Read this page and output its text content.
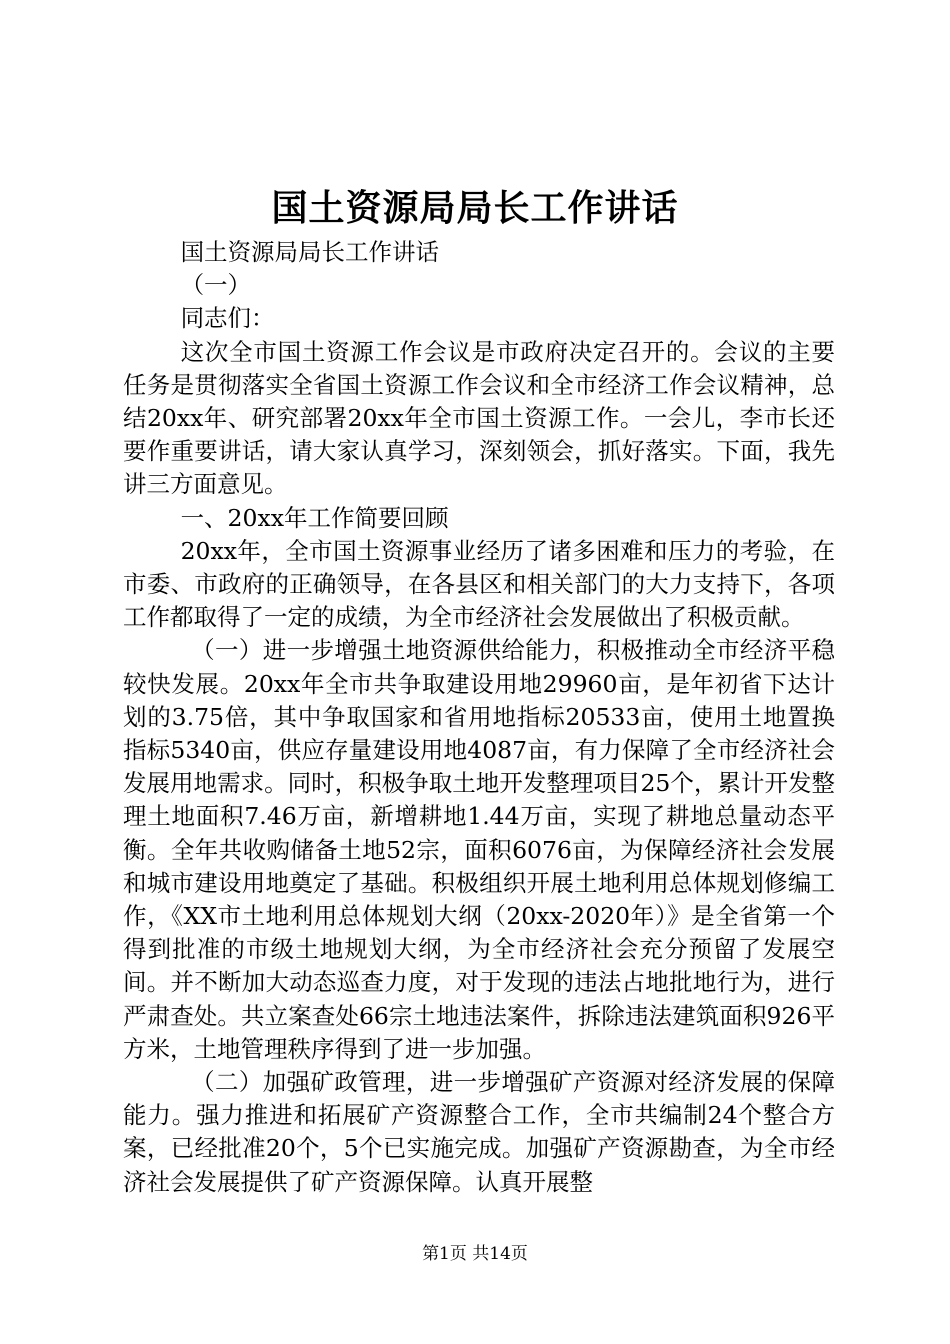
国土资源局局长工作讲话

国土资源局局长工作讲话

（一）

同志们：

这次全市国土资源工作会议是市政府决定召开的。会议的主要任务是贯彻落实全省国土资源工作会议和全市经济工作会议精神，总结20xx年、研究部署20xx年全市国土资源工作。一会儿，李市长还要作重要讲话，请大家认真学习，深刻领会，抓好落实。下面，我先讲三方面意见。

一、20xx年工作简要回顾

20xx年，全市国土资源事业经历了诸多困难和压力的考验，在市委、市政府的正确领导，在各县区和相关部门的大力支持下，各项工作都取得了一定的成绩，为全市经济社会发展做出了积极贡献。

（一）进一步增强土地资源供给能力，积极推动全市经济平稳较快发展。20xx年全市共争取建设用地29960亩，是年初省下达计划的3.75倍，其中争取国家和省用地指标20533亩，使用土地置换指标5340亩，供应存量建设用地4087亩，有力保障了全市经济社会发展用地需求。同时，积极争取土地开发整理项目25个，累计开发整理土地面积7.46万亩，新增耕地1.44万亩，实现了耕地总量动态平衡。全年共收购储备土地52宗，面积6076亩，为保障经济社会发展和城市建设用地奠定了基础。积极组织开展土地利用总体规划修编工作，《XX市土地利用总体规划大纲（20xx-2020年）》是全省第一个得到批准的市级土地规划大纲，为全市经济社会充分预留了发展空间。并不断加大动态巡查力度，对于发现的违法占地批地行为，进行严肃查处。共立案查处66宗土地违法案件，拆除违法建筑面积926平方米，土地管理秩序得到了进一步加强。

（二）加强矿政管理，进一步增强矿产资源对经济发展的保障能力。强力推进和拓展矿产资源整合工作，全市共编制24个整合方案，已经批准20个，5个已实施完成。加强矿产资源勘查，为全市经济社会发展提供了矿产资源保障。认真开展整

第1页 共14页
